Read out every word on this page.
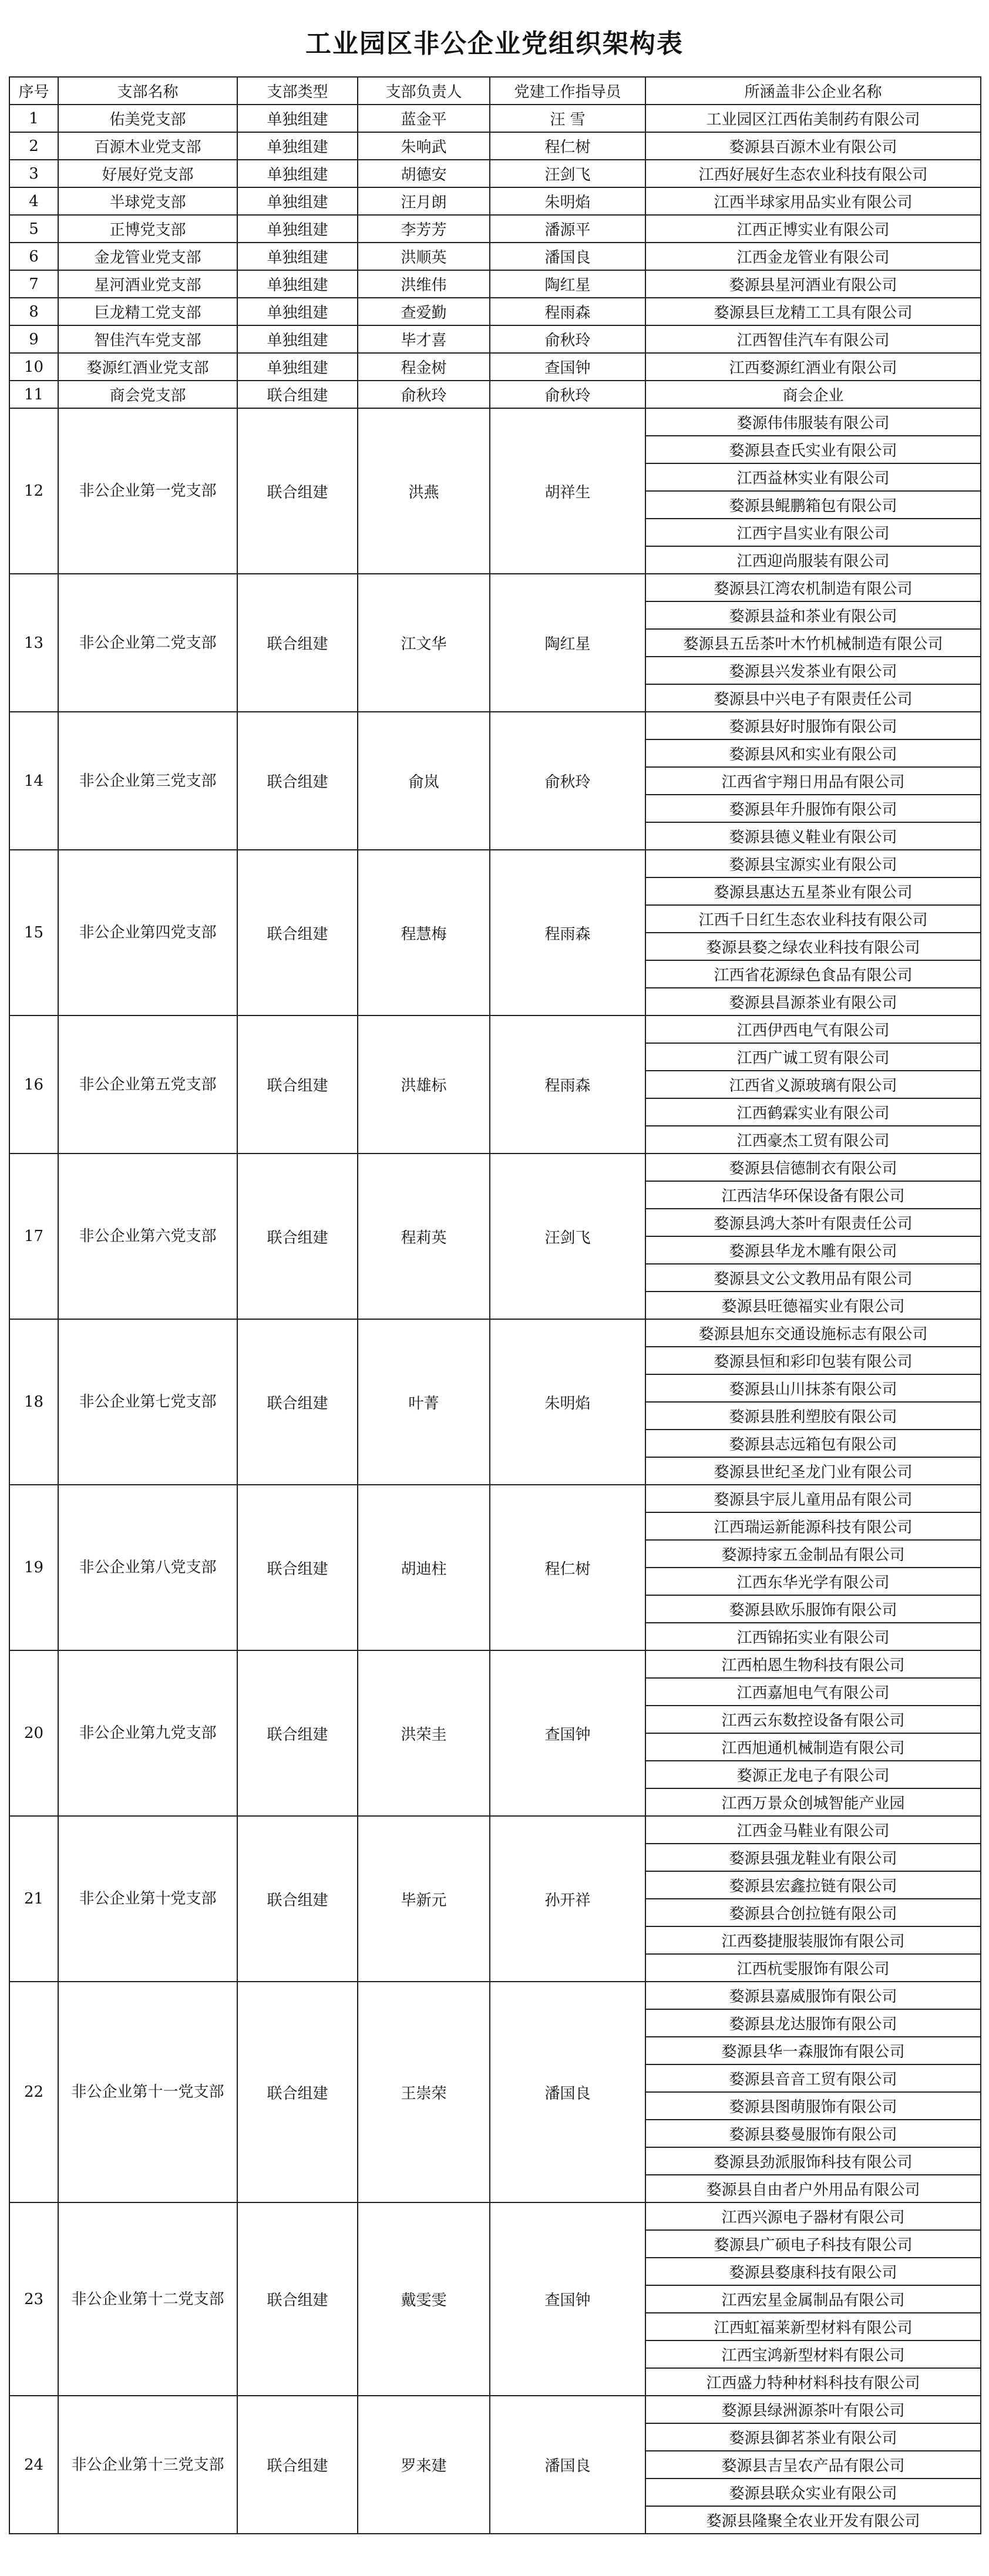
工业园区非公企业党组织架构表
序号	支部名称	支部类型	支部负责人	党建工作指导员	所涵盖非公企业名称
1	佑美党支部	单独组建	蓝金平	汪 雪	工业园区江西佑美制药有限公司
2	百源木业党支部	单独组建	朱响武	程仁树	婺源县百源木业有限公司
3	好展好党支部	单独组建	胡德安	汪剑飞	江西好展好生态农业科技有限公司
4	半球党支部	单独组建	汪月朗	朱明焰	江西半球家用品实业有限公司
5	正博党支部	单独组建	李芳芳	潘源平	江西正博实业有限公司
6	金龙管业党支部	单独组建	洪顺英	潘国良	江西金龙管业有限公司
7	星河酒业党支部	单独组建	洪维伟	陶红星	婺源县星河酒业有限公司
8	巨龙精工党支部	单独组建	查爱勤	程雨森	婺源县巨龙精工工具有限公司
9	智佳汽车党支部	单独组建	毕才喜	俞秋玲	江西智佳汽车有限公司
10	婺源红酒业党支部	单独组建	程金树	查国钟	江西婺源红酒业有限公司
11	商会党支部	联合组建	俞秋玲	俞秋玲	商会企业
12	非公企业第一党支部	联合组建	洪燕	胡祥生	婺源伟伟服装有限公司
					婺源县查氏实业有限公司
					江西益林实业有限公司
					婺源县鲲鹏箱包有限公司
					江西宇昌实业有限公司
					江西迎尚服装有限公司
13	非公企业第二党支部	联合组建	江文华	陶红星	婺源县江湾农机制造有限公司
					婺源县益和茶业有限公司
					婺源县五岳茶叶木竹机械制造有限公司
					婺源县兴发茶业有限公司
					婺源县中兴电子有限责任公司
14	非公企业第三党支部	联合组建	俞岚	俞秋玲	婺源县好时服饰有限公司
					婺源县风和实业有限公司
					江西省宇翔日用品有限公司
					婺源县年升服饰有限公司
					婺源县德义鞋业有限公司
15	非公企业第四党支部	联合组建	程慧梅	程雨森	婺源县宝源实业有限公司
					婺源县惠达五星茶业有限公司
					江西千日红生态农业科技有限公司
					婺源县婺之绿农业科技有限公司
					江西省花源绿色食品有限公司
					婺源县昌源茶业有限公司
16	非公企业第五党支部	联合组建	洪雄标	程雨森	江西伊西电气有限公司
					江西广诚工贸有限公司
					江西省义源玻璃有限公司
					江西鹤霖实业有限公司
					江西豪杰工贸有限公司
17	非公企业第六党支部	联合组建	程莉英	汪剑飞	婺源县信德制衣有限公司
					江西洁华环保设备有限公司
					婺源县鸿大茶叶有限责任公司
					婺源县华龙木雕有限公司
					婺源县文公文教用品有限公司
					婺源县旺德福实业有限公司
18	非公企业第七党支部	联合组建	叶菁	朱明焰	婺源县旭东交通设施标志有限公司
					婺源县恒和彩印包装有限公司
					婺源县山川抹茶有限公司
					婺源县胜利塑胶有限公司
					婺源县志远箱包有限公司
					婺源县世纪圣龙门业有限公司
19	非公企业第八党支部	联合组建	胡迪柱	程仁树	婺源县宇辰儿童用品有限公司
					江西瑞运新能源科技有限公司
					婺源持家五金制品有限公司
					江西东华光学有限公司
					婺源县欧乐服饰有限公司
					江西锦拓实业有限公司
20	非公企业第九党支部	联合组建	洪荣圭	查国钟	江西柏恩生物科技有限公司
					江西嘉旭电气有限公司
					江西云东数控设备有限公司
					江西旭通机械制造有限公司
					婺源正龙电子有限公司
					江西万景众创城智能产业园
21	非公企业第十党支部	联合组建	毕新元	孙开祥	江西金马鞋业有限公司
					婺源县强龙鞋业有限公司
					婺源县宏鑫拉链有限公司
					婺源县合创拉链有限公司
					江西婺捷服装服饰有限公司
					江西杭雯服饰有限公司
22	非公企业第十一党支部	联合组建	王崇荣	潘国良	婺源县嘉威服饰有限公司
					婺源县龙达服饰有限公司
					婺源县华一森服饰有限公司
					婺源县音音工贸有限公司
					婺源县图萌服饰有限公司
					婺源县婺曼服饰有限公司
					婺源县劲派服饰科技有限公司
					婺源县自由者户外用品有限公司
23	非公企业第十二党支部	联合组建	戴雯雯	查国钟	江西兴源电子器材有限公司
					婺源县广硕电子科技有限公司
					婺源县婺康科技有限公司
					江西宏星金属制品有限公司
					江西虹福莱新型材料有限公司
					江西宝鸿新型材料有限公司
					江西盛力特种材料科技有限公司
24	非公企业第十三党支部	联合组建	罗来建	潘国良	婺源县绿洲源茶叶有限公司
					婺源县御茗茶业有限公司
					婺源县吉呈农产品有限公司
					婺源县联众实业有限公司
					婺源县隆聚全农业开发有限公司
